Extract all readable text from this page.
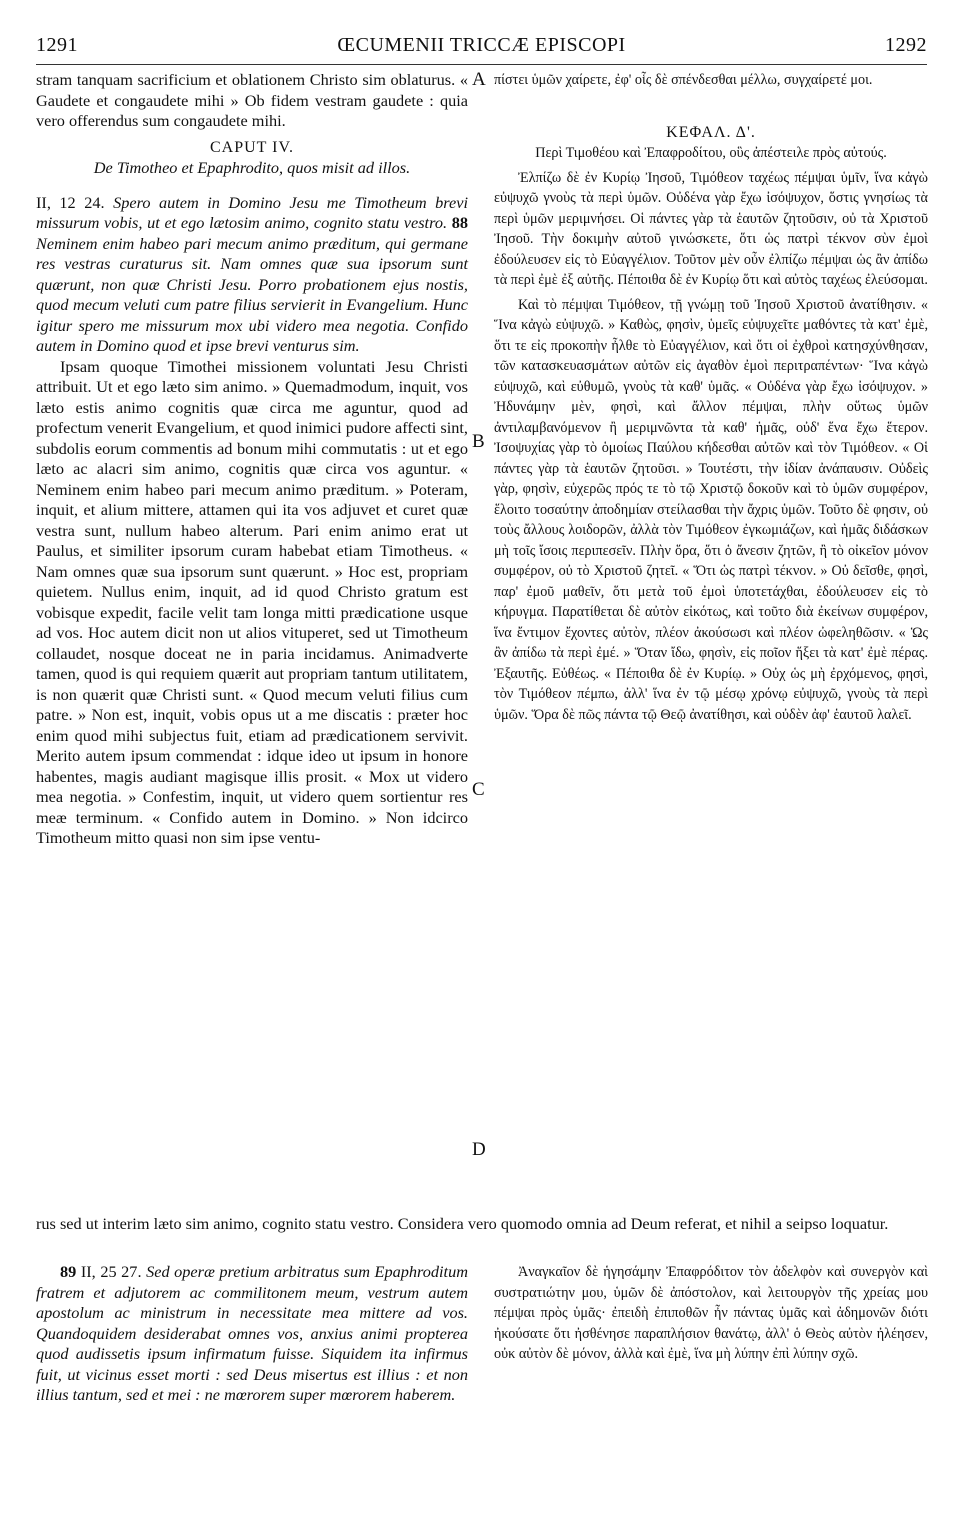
1291	ŒCUMENII TRICCÆ EPISCOPI	1292
A
B
C
D

stram tanquam sacrificium et oblationem Christo sim oblaturus. « Gaudete et congaudete mihi » Ob fidem vestram gaudete : quia vero offerendus sum congaudete mihi.

CAPUT IV.

De Timotheo et Epaphrodito, quos misit ad illos.

II, 12 24. Spero autem in Domino Jesu me Timotheum brevi missurum vobis, ut et ego lætosim animo, cognito statu vestro. 88 Neminem enim habeo pari mecum animo præditum, qui germane res vestras curaturus sit. Nam omnes quæ sua ipsorum sunt quærunt, non quæ Christi Jesu. Porro probationem ejus nostis, quod mecum veluti cum patre filius servierit in Evangelium. Hunc igitur spero me missurum mox ubi videro mea negotia. Confido autem in Domino quod et ipse brevi venturus sim.

Ipsam quoque Timothei missionem voluntati Jesu Christi attribuit. Ut et ego læto sim animo. » Quemadmodum, inquit, vos læto estis animo cognitis quæ circa me aguntur, quod ad profectum venerit Evangelium, et quod inimici pudore affecti sint, subdolis eorum commentis ad bonum mihi commutatis : ut et ego læto ac alacri sim animo, cognitis quæ circa vos aguntur. « Neminem enim habeo pari mecum animo præditum. » Poteram, inquit, et alium mittere, attamen qui ita vos adjuvet et curet quæ vestra sunt, nullum habeo alterum. Pari enim animo erat ut Paulus, et similiter ipsorum curam habebat etiam Timotheus. « Nam omnes quæ sua ipsorum sunt quærunt. » Hoc est, propriam quietem. Nullus enim, inquit, ad id quod Christo gratum est vobisque expedit, facile velit tam longa mitti prædicatione usque ad vos. Hoc autem dicit non ut alios vituperet, sed ut Timotheum collaudet, nosque doceat ne in paria incidamus. Animadverte tamen, quod is qui requiem quærit aut propriam tantum utilitatem, is non quærit quæ Christi sunt. « Quod mecum veluti filius cum patre. » Non est, inquit, vobis opus ut a me discatis : præter hoc enim quod mihi subjectus fuit, etiam ad prædicationem servivit. Merito autem ipsum commendat : idque ideo ut ipsum in honore habentes, magis audiant magisque illis prosit. « Mox ut videro mea negotia. » Confestim, inquit, ut videro quem sortientur res meæ terminum. « Confido autem in Domino. » Non idcirco Timotheum mitto quasi non sim ipse ventu-

πίστει ὑμῶν χαίρετε, ἐφ' οἷς δὲ σπένδεσθαι μέλλω, συγχαίρετέ μοι.

ΚΕΦΑΛ. Δ'.

Περὶ Τιμοθέου καὶ Ἐπαφροδίτου, οὓς ἀπέστειλε πρὸς αὐτούς.

Ἐλπίζω δὲ ἐν Κυρίῳ Ἰησοῦ, Τιμόθεον ταχέως πέμψαι ὑμῖν, ἵνα κἀγὼ εὐψυχῶ γνοὺς τὰ περὶ ὑμῶν. Οὐδένα γὰρ ἔχω ἰσόψυχον, ὅστις γνησίως τὰ περὶ ὑμῶν μεριμνήσει. Οἱ πάντες γὰρ τὰ ἑαυτῶν ζητοῦσιν, οὐ τὰ Χριστοῦ Ἰησοῦ. Τὴν δοκιμὴν αὐτοῦ γινώσκετε, ὅτι ὡς πατρὶ τέκνον σὺν ἐμοὶ ἐδούλευσεν εἰς τὸ Εὐαγγέλιον. Τοῦτον μὲν οὖν ἐλπίζω πέμψαι ὡς ἂν ἀπίδω τὰ περὶ ἐμὲ ἐξ αὐτῆς. Πέποιθα δὲ ἐν Κυρίῳ ὅτι καὶ αὐτὸς ταχέως ἐλεύσομαι.

Καὶ τὸ πέμψαι Τιμόθεον, τῇ γνώμῃ τοῦ Ἰησοῦ Χριστοῦ ἀνατίθησιν. « Ἵνα κἀγὼ εὐψυχῶ. » Καθὼς, φησὶν, ὑμεῖς εὐψυχεῖτε μαθόντες τὰ κατ' ἐμὲ, ὅτι τε εἰς προκοπὴν ἦλθε τὸ Εὐαγγέλιον, καὶ ὅτι οἱ ἐχθροὶ κατησχύνθησαν, τῶν κατασκευασμάτων αὐτῶν εἰς ἀγαθὸν ἐμοὶ περιτραπέντων· Ἵνα κἀγὼ εὐψυχῶ, καὶ εὐθυμῶ, γνοὺς τὰ καθ' ὑμᾶς. « Οὐδένα γὰρ ἔχω ἰσόψυχον. » Ἠδυνάμην μὲν, φησὶ, καὶ ἄλλον πέμψαι, πλὴν οὕτως ὑμῶν ἀντιλαμβανόμενον ἢ μεριμνῶντα τὰ καθ' ἡμᾶς, οὐδ' ἕνα ἔχω ἕτερον. Ἰσοψυχίας γὰρ τὸ ὁμοίως Παύλου κήδεσθαι αὐτῶν καὶ τὸν Τιμόθεον. « Οἱ πάντες γὰρ τὰ ἑαυτῶν ζητοῦσι. » Τουτέστι, τὴν ἰδίαν ἀνάπαυσιν. Οὐδεὶς γὰρ, φησὶν, εὐχερῶς πρός τε τὸ τῷ Χριστῷ δοκοῦν καὶ τὸ ὑμῶν συμφέρον, ἕλοιτο τοσαύτην ἀποδημίαν στείλασθαι τὴν ἄχρις ὑμῶν. Τοῦτο δὲ φησιν, οὐ τοὺς ἄλλους λοιδορῶν, ἀλλὰ τὸν Τιμόθεον ἐγκωμιάζων, καὶ ἡμᾶς διδάσκων μὴ τοῖς ἴσοις περιπεσεῖν. Πλὴν ὅρα, ὅτι ὁ ἄνεσιν ζητῶν, ἢ τὸ οἰκεῖον μόνον συμφέρον, οὐ τὸ Χριστοῦ ζητεῖ. « Ὅτι ὡς πατρὶ τέκνον. » Οὐ δεῖσθε, φησὶ, παρ' ἐμοῦ μαθεῖν, ὅτι μετὰ τοῦ ἐμοὶ ὑποτετάχθαι, ἐδούλευσεν εἰς τὸ κήρυγμα. Παρατίθεται δὲ αὐτὸν εἰκότως, καὶ τοῦτο διὰ ἐκείνων συμφέρον, ἵνα ἔντιμον ἔχοντες αὐτὸν, πλέον ἀκούσωσι καὶ πλέον ὠφεληθῶσιν. « Ὡς ἂν ἀπίδω τὰ περὶ ἐμέ. » Ὅταν ἴδω, φησὶν, εἰς ποῖον ἥξει τὰ κατ' ἐμὲ πέρας. Ἐξαυτῆς. Εὐθέως. « Πέποιθα δὲ ἐν Κυρίῳ. » Οὐχ ὡς μὴ ἐρχόμενος, φησὶ, τὸν Τιμόθεον πέμπω, ἀλλ' ἵνα ἐν τῷ μέσῳ χρόνῳ εὐψυχῶ, γνοὺς τὰ περὶ ὑμῶν. Ὅρα δὲ πῶς πάντα τῷ Θεῷ ἀνατίθησι, καὶ οὐδὲν ἀφ' ἑαυτοῦ λαλεῖ.

rus sed ut interim læto sim animo, cognito statu vestro. Considera vero quomodo omnia ad Deum referat, et nihil a seipso loquatur.

89 II, 25 27. Sed operæ pretium arbitratus sum Epaphroditum fratrem et adjutorem ac commilitonem meum, vestrum autem apostolum ac ministrum in necessitate mea mittere ad vos. Quandoquidem desiderabat omnes vos, anxius animi propterea quod audissetis ipsum infirmatum fuisse. Siquidem ita infirmus fuit, ut vicinus esset morti : sed Deus misertus est illius : et non illius tantum, sed et mei : ne mœrorem super mœrorem haberem.

Ἀναγκαῖον δὲ ἡγησάμην Ἐπαφρόδιτον τὸν ἀδελφὸν καὶ συνεργὸν καὶ συστρατιώτην μου, ὑμῶν δὲ ἀπόστολον, καὶ λειτουργὸν τῆς χρείας μου πέμψαι πρὸς ὑμᾶς· ἐπειδὴ ἐπιποθῶν ἦν πάντας ὑμᾶς καὶ ἀδημονῶν διότι ἠκούσατε ὅτι ἠσθένησε παραπλήσιον θανάτῳ, ἀλλ' ὁ Θεὸς αὐτὸν ἠλέησεν, οὐκ αὐτὸν δὲ μόνον, ἀλλὰ καὶ ἐμὲ, ἵνα μὴ λύπην ἐπὶ λύπην σχῶ.
